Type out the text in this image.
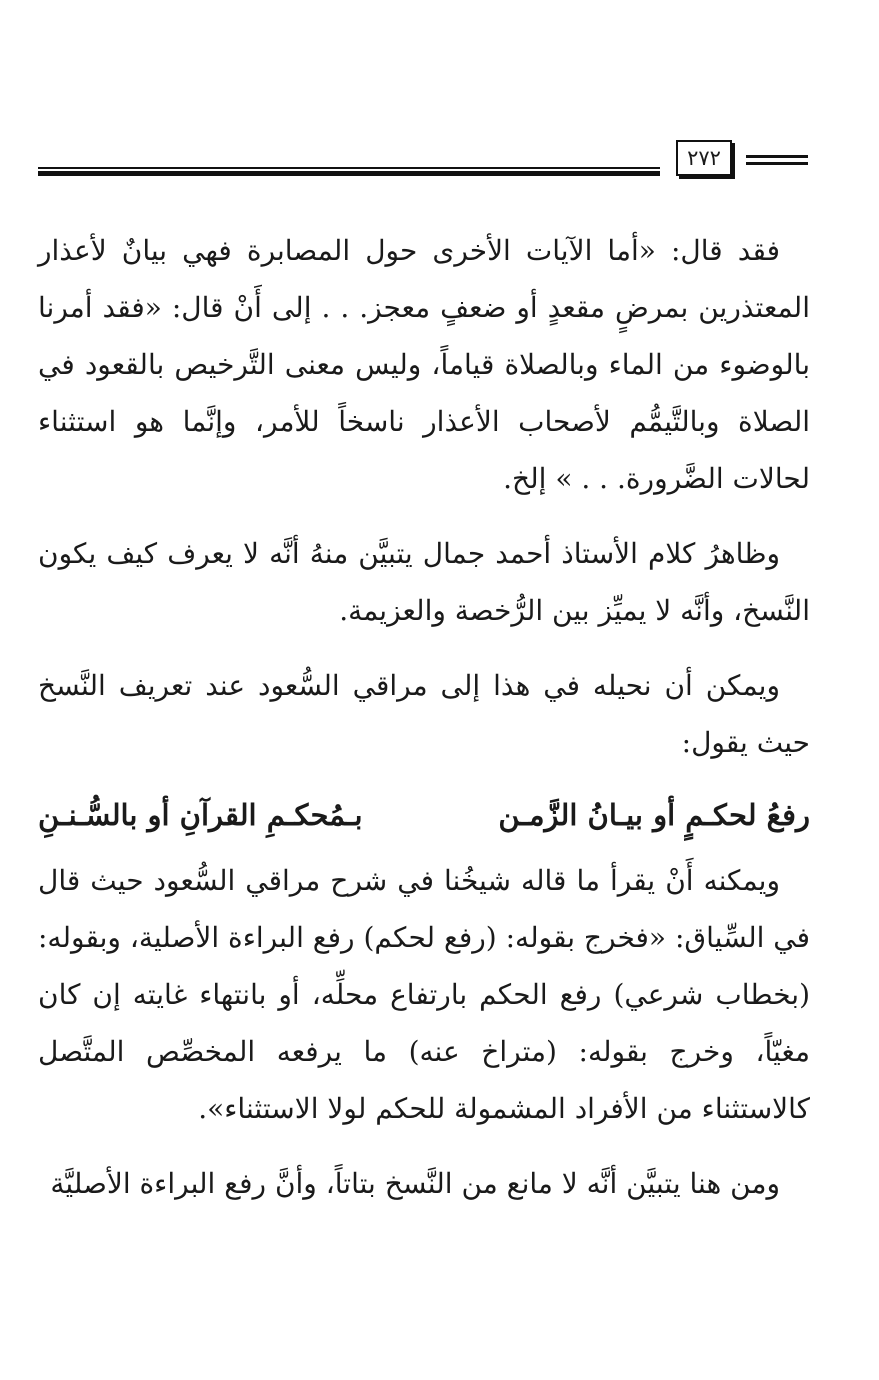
٢٧٢

فقد قال: «أما الآيات الأخرى حول المصابرة فهي بيانٌ لأعذار المعتذرين بمرضٍ مقعدٍ أو ضعفٍ معجز. . . إلى أَنْ قال: «فقد أمرنا بالوضوء من الماء وبالصلاة قياماً، وليس معنى التَّرخيص بالقعود في الصلاة وبالتَّيمُّم لأصحاب الأعذار ناسخاً للأمر، وإنَّما هو استثناء لحالات الضَّرورة. . . » إلخ.

وظاهرُ كلام الأستاذ أحمد جمال يتبيَّن منهُ أنَّه لا يعرف كيف يكون النَّسخ، وأنَّه لا يميِّز بين الرُّخصة والعزيمة.

ويمكن أن نحيله في هذا إلى مراقي السُّعود عند تعريف النَّسخ حيث يقول:

رفعُ لحكـمٍ أو بيـانُ الزَّمـن
بـمُحكـمِ القرآنِ أو بالسُّـنـنِ

ويمكنه أَنْ يقرأ ما قاله شيخُنا في شرح مراقي السُّعود حيث قال في السِّياق: «فخرج بقوله: (رفع لحكم) رفع البراءة الأصلية، وبقوله: (بخطاب شرعي) رفع الحكم بارتفاع محلِّه، أو بانتهاء غايته إن كان مغيّاً، وخرج بقوله: (متراخ عنه) ما يرفعه المخصِّص المتَّصل كالاستثناء من الأفراد المشمولة للحكم لولا الاستثناء».

ومن هنا يتبيَّن أنَّه لا مانع من النَّسخ بتاتاً، وأنَّ رفع البراءة الأصليَّة
